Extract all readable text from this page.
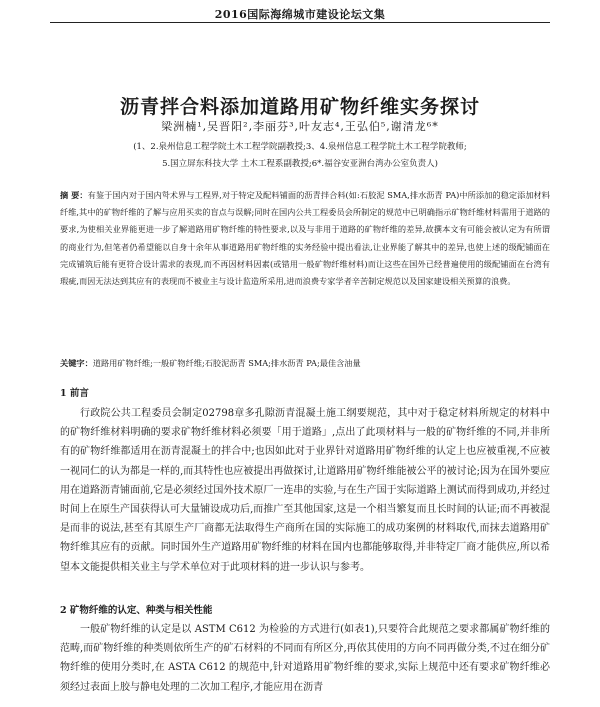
2016国际海绵城市建设论坛文集
沥青拌合料添加道路用矿物纤维实务探讨
梁洲楠¹,吴晋阳²,李丽芬³,叶友志⁴,王弘伯⁵,谢清龙⁶*
(1、2.泉州信息工程学院土木工程学院副教授;3、4.泉州信息工程学院土木工程学院教师;
5.国立屏东科技大学 土木工程系副教授;6*.福谷安亚洲台湾办公室负责人)
摘 要：有鉴于国内对于国内학术界与工程界,对于特定及配料铺面的沥青拌合料(如:石胶泥 SMA,排水沥青 PA)中所添加的稳定添加材料纤维,其中的矿物纤维的了解与应用买卖的盲点与误解;同时在国内公共工程委员会所制定的规范中已明确指示矿物纤维材料需用于道路的要求,为使相关业界能更进一步了解道路用矿物纤维的特性要求,以及与非用于道路的矿物纤维的差异,故撰本文有可能会被认定为有所谓的商业行为,但笔者仍希望能以自身十余年从事道路用矿物纤维的实务经验中提出看法,让业界能了解其中的差异,也使上述的级配铺面在完成铺筑后能有更符合设计需求的表现,而不再因材料因素(或错用一般矿物纤维材料)而让这些在国外已经普遍使用的级配铺面在台湾有瑕疵,而因无法达到其应有的表现而不被业主与设计监造所采用,进而浪费专家学者辛苦制定规范以及国家建设相关预算的浪费。
关键字：道路用矿物纤维;一般矿物纤维;石胶泥沥青 SMA;排水沥青 PA;最佳含油量
1 前言
行政院公共工程委员会制定02798章多孔隙沥青混凝土施工纲要规范，其中对于稳定材料所规定的材料中的矿物纤维材料明确的要求矿物纤维材料必须要「用于道路」,点出了此项材料与一般的矿物纤维的不同,并非所有的矿物纤维都适用在沥青混凝土的拌合中;也因如此对于业界针对道路用矿物纤维的认定上也应被重视,不应被一视同仁的认为都是一样的,而其特性也应被提出再做探讨,让道路用矿物纤维能被公平的被讨论;因为在国外要应用在道路沥青铺面前,它是必须经过国外技术原厂一连串的实验,与在生产国于实际道路上测试而得到成功,并经过时间上在原生产国获得认可大量铺设成功后,而推广至其他国家,这是一个相当繁复而且长时间的认证;而不再被混是而非的说法,甚至有其原生产厂商都无法取得生产商所在国的实际施工的成功案例的材料取代,而抹去道路用矿物纤维其应有的贡献。同时国外生产道路用矿物纤维的材料在国内也都能够取得,并非特定厂商才能供应,所以希望本文能提供相关业主与学术单位对于此项材料的进一步认识与参考。
2 矿物纤维的认定、种类与相关性能
一般矿物纤维的认定是以 ASTM C612 为检验的方式进行(如表1),只要符合此规范之要求都属矿物纤维的范畴,而矿物纤维的种类则依所生产的矿石材料的不同而有所区分,再依其使用的方向不同再做分类,不过在细分矿物纤维的使用分类时,在 ASTA C612 的规范中,针对道路用矿物纤维的要求,实际上规范中还有要求矿物纤维必须经过表面上胶与静电处理的二次加工程序,才能应用在沥青
